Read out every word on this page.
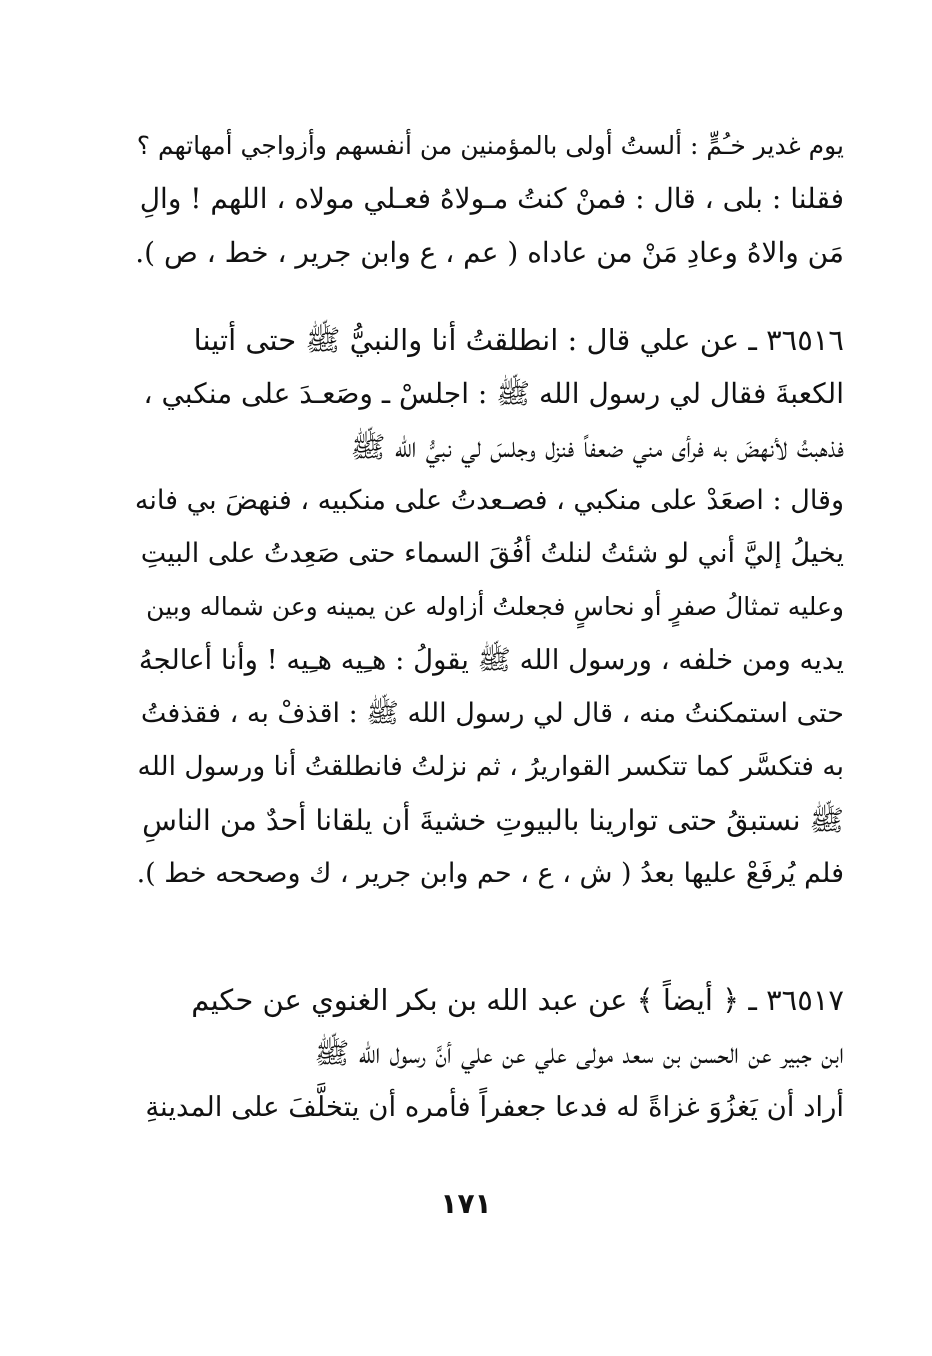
يوم غدير خـُمٍّ : ألستُ أولى بالمؤمنين من أنفسهم وأزواجي أمهاتهم ؟
فقلنا : بلى ، قال : فمنْ كنتُ مـولاهُ فعـلي مولاه ، اللهم ! والِ
مَن والاهُ وعادِ مَنْ من عاداه ( عم ، ع وابن جرير ، خط ، ص ).
٣٦٥١٦ ـ عن علي قال : انطلقتُ أنا والنبيُّ ﷺ حتى أتينا
الكعبةَ فقال لي رسول الله ﷺ : اجلسْ ـ وصَعـدَ على منكبي ،
فذهبتُ لأنهضَ به فرأى مني ضعفاً فنزل وجلسَ لي نبيُّ الله ﷺ
وقال : اصعَدْ على منكبي ، فصـعدتُ على منكبيه ، فنهضَ بي فانه
يخيلُ إليَّ أني لو شئتُ لنلتُ أفُقَ السماء حتى صَعِدتُ على البيتِ
وعليه تمثالُ صفرٍ أو نحاسٍ فجعلتُ أزاوله عن يمينه وعن شماله وبين
يديه ومن خلفه ، ورسول الله ﷺ يقولُ : هـِيه هـِيه ! وأنا أعالجهُ
حتى استمكنتُ منه ، قال لي رسول الله ﷺ : اقذفْ به ، فقذفتُ
به فتكسَّر كما تتكسر القواريرُ ، ثم نزلتُ فانطلقتُ أنا ورسول الله
ﷺ نستبقُ حتى توارينا بالبيوتِ خشيةَ أن يلقانا أحدٌ من الناسِ
فلم يُرفَعْ عليها بعدُ ( ش ، ع ، حم وابن جرير ، ك وصححه خط ).
٣٦٥١٧ ـ ﴿ أيضاً ﴾ عن عبد الله بن بكر الغنوي عن حكيم
ابن جبير عن الحسن بن سعد مولى علي عن علي أنَّ رسول الله ﷺ
أراد أن يَغزُوَ غزاةً له فدعا جعفراً فأمره أن يتخلَّفَ على المدينةِ
١٧١
